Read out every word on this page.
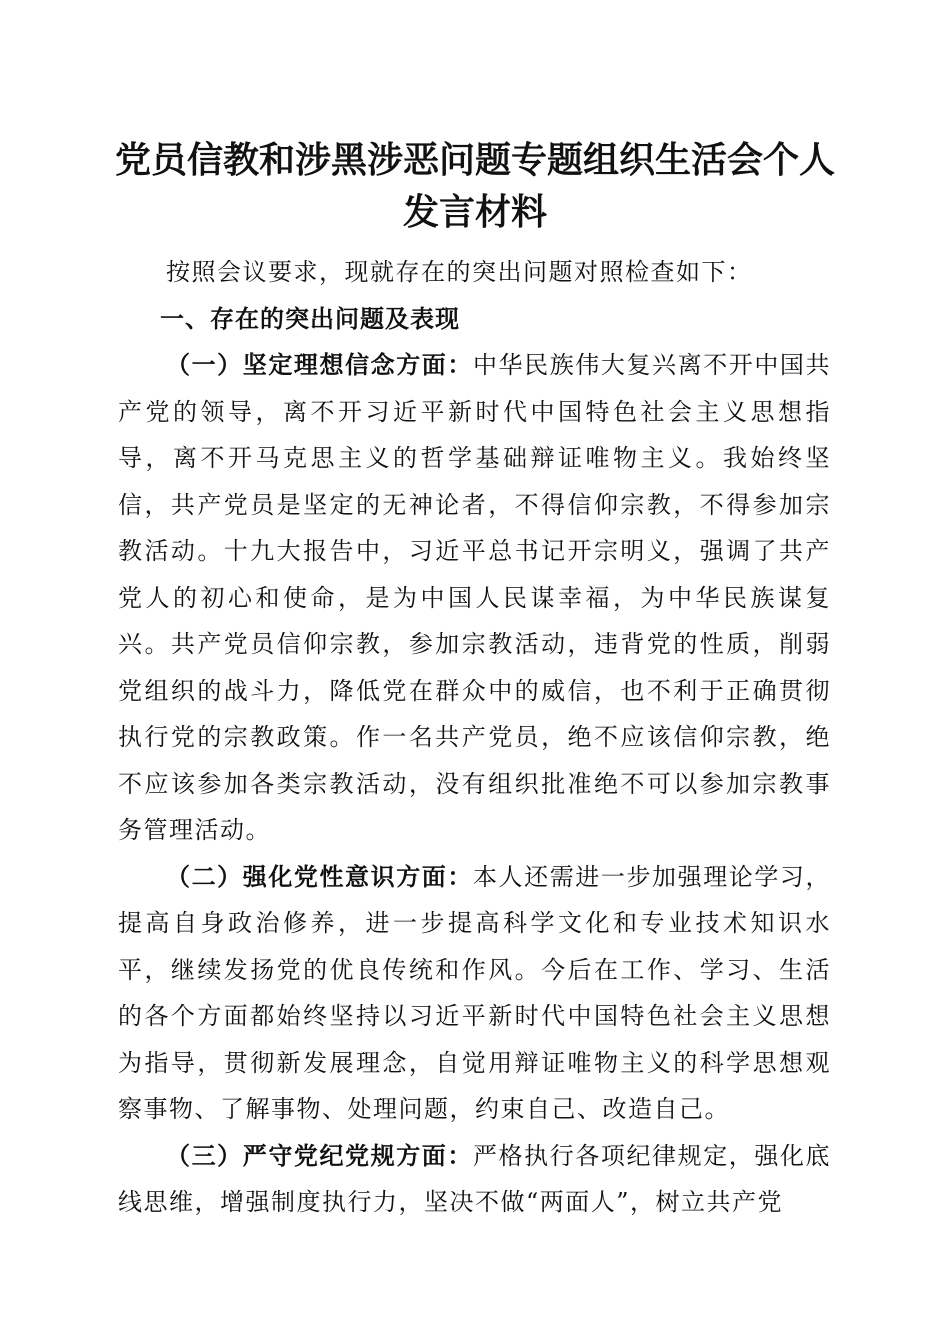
党员信教和涉黑涉恶问题专题组织生活会个人
发言材料

按照会议要求，现就存在的突出问题对照检查如下：

一、存在的突出问题及表现

（一）坚定理想信念方面：中华民族伟大复兴离不开中国共产党的领导，离不开习近平新时代中国特色社会主义思想指导，离不开马克思主义的哲学基础辩证唯物主义。我始终坚信，共产党员是坚定的无神论者，不得信仰宗教，不得参加宗教活动。十九大报告中，习近平总书记开宗明义，强调了共产党人的初心和使命，是为中国人民谋幸福，为中华民族谋复兴。共产党员信仰宗教，参加宗教活动，违背党的性质，削弱党组织的战斗力，降低党在群众中的威信，也不利于正确贯彻执行党的宗教政策。作一名共产党员，绝不应该信仰宗教，绝不应该参加各类宗教活动，没有组织批准绝不可以参加宗教事务管理活动。

（二）强化党性意识方面：本人还需进一步加强理论学习，提高自身政治修养，进一步提高科学文化和专业技术知识水平，继续发扬党的优良传统和作风。今后在工作、学习、生活的各个方面都始终坚持以习近平新时代中国特色社会主义思想为指导，贯彻新发展理念，自觉用辩证唯物主义的科学思想观察事物、了解事物、处理问题，约束自己、改造自己。

（三）严守党纪党规方面：严格执行各项纪律规定，强化底线思维，增强制度执行力，坚决不做“两面人”，树立共产党
